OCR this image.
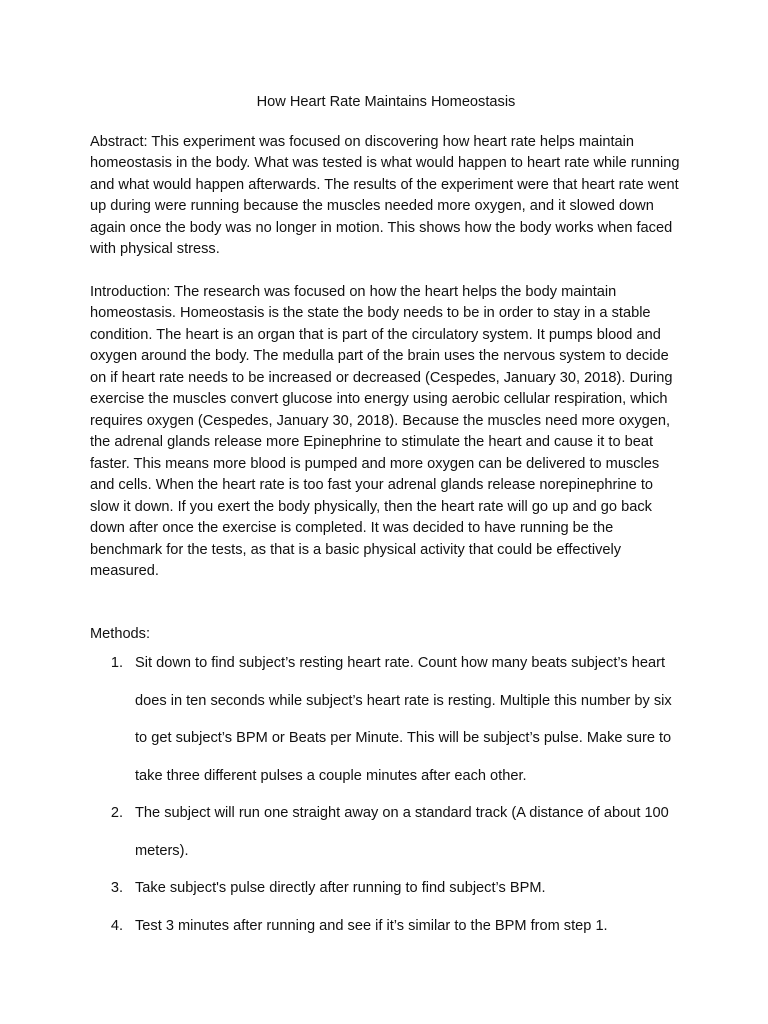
How Heart Rate Maintains Homeostasis

Abstract: This experiment was focused on discovering how heart rate helps maintain homeostasis in the body. What was tested is what would happen to heart rate while running and what would happen afterwards. The results of the experiment were that heart rate went up during were running because the muscles needed more oxygen, and it slowed down again once the body was no longer in motion. This shows how the body works when faced with physical stress.

Introduction: The research was focused on how the heart helps the body maintain homeostasis. Homeostasis is the state the body needs to be in order to stay in a stable condition. The heart is an organ that is part of the circulatory system. It pumps blood and oxygen around the body. The medulla part of the brain uses the nervous system to decide on if heart rate needs to be increased or decreased (Cespedes, January 30, 2018). During exercise the muscles convert glucose into energy using aerobic cellular respiration, which requires oxygen (Cespedes, January 30, 2018). Because the muscles need more oxygen, the adrenal glands release more Epinephrine to stimulate the heart and cause it to beat faster. This means more blood is pumped and more oxygen can be delivered to muscles and cells. When the heart rate is too fast your adrenal glands release norepinephrine to slow it down. If you exert the body physically, then the heart rate will go up and go back down after once the exercise is completed. It was decided to have running be the benchmark for the tests, as that is a basic physical activity that could be effectively measured.

Methods:

1. Sit down to find subject’s resting heart rate. Count how many beats subject’s heart does in ten seconds while subject’s heart rate is resting. Multiple this number by six to get subject’s BPM or Beats per Minute. This will be subject’s pulse. Make sure to take three different pulses a couple minutes after each other.
2. The subject will run one straight away on a standard track (A distance of about 100 meters).
3. Take subject's pulse directly after running to find subject’s BPM.
4. Test 3 minutes after running and see if it’s similar to the BPM from step 1.
